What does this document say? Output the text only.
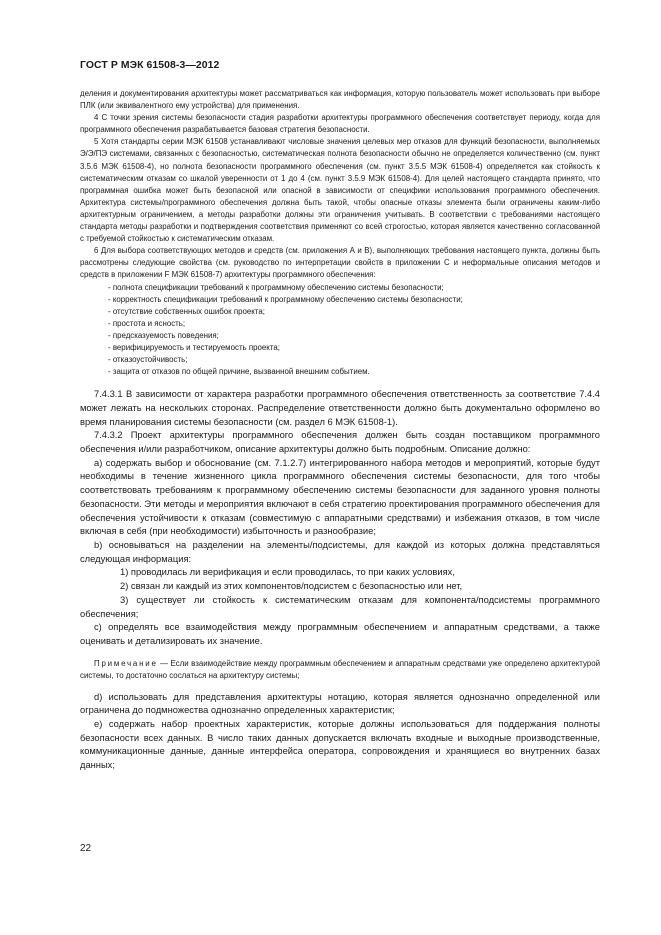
ГОСТ Р МЭК 61508-3—2012

деления и документирования архитектуры может рассматриваться как информация, которую пользователь может использовать при выборе ПЛК (или эквивалентного ему устройства) для применения.

4 С точки зрения системы безопасности стадия разработки архитектуры программного обеспечения соответствует периоду, когда для программного обеспечения разрабатывается базовая стратегия безопасности.

5 Хотя стандарты серии МЭК 61508 устанавливают числовые значения целевых мер отказов для функций безопасности, выполняемых Э/Э/ПЭ системами, связанных с безопасностью, систематическая полнота безопасности обычно не определяется количественно (см. пункт 3.5.6 МЭК 61508-4), но полнота безопасности программного обеспечения (см. пункт 3.5.5 МЭК 61508-4) определяется как стойкость к систематическим отказам со шкалой уверенности от 1 до 4 (см. пункт 3.5.9 МЭК 61508-4). Для целей настоящего стандарта принято, что программная ошибка может быть безопасной или опасной в зависимости от специфики использования программного обеспечения. Архитектура системы/программного обеспечения должна быть такой, чтобы опасные отказы элемента были ограничены каким-либо архитектурным ограничением, а методы разработки должны эти ограничения учитывать. В соответствии с требованиями настоящего стандарта методы разработки и подтверждения соответствия применяют со всей строгостью, которая является качественно согласованной с требуемой стойкостью к систематическим отказам.

6 Для выбора соответствующих методов и средств (см. приложения А и В), выполняющих требования настоящего пункта, должны быть рассмотрены следующие свойства (см. руководство по интерпретации свойств в приложении С и неформальные описания методов и средств в приложении F МЭК 61508-7) архитектуры программного обеспечения:

- полнота спецификации требований к программному обеспечению системы безопасности;

- корректность спецификации требований к программному обеспечению системы безопасности;

- отсутствие собственных ошибок проекта;

- простота и ясность;

- предсказуемость поведения;

- верифицируемость и тестируемость проекта;

- отказоустойчивость;

- защита от отказов по общей причине, вызванной внешним событием.

7.4.3.1 В зависимости от характера разработки программного обеспечения ответственность за соответствие 7.4.4 может лежать на нескольких сторонах. Распределение ответственности должно быть документально оформлено во время планирования системы безопасности (см. раздел 6 МЭК 61508-1).

7.4.3.2 Проект архитектуры программного обеспечения должен быть создан поставщиком программного обеспечения и/или разработчиком, описание архитектуры должно быть подробным. Описание должно:

а) содержать выбор и обоснование (см. 7.1.2.7) интегрированного набора методов и мероприятий, которые будут необходимы в течение жизненного цикла программного обеспечения системы безопасности, для того чтобы соответствовать требованиям к программному обеспечению системы безопасности для заданного уровня полноты безопасности. Эти методы и мероприятия включают в себя стратегию проектирования программного обеспечения для обеспечения устойчивости к отказам (совместимую с аппаратными средствами) и избежания отказов, в том числе включая в себя (при необходимости) избыточность и разнообразие;

b) основываться на разделении на элементы/подсистемы, для каждой из которых должна представляться следующая информация:

1) проводилась ли верификация и если проводилась, то при каких условиях,

2) связан ли каждый из этих компонентов/подсистем с безопасностью или нет,

3) существует ли стойкость к систематическим отказам для компонента/подсистемы программного обеспечения;

c) определять все взаимодействия между программным обеспечением и аппаратным средствами, а также оценивать и детализировать их значение.

Примечание — Если взаимодействие между программным обеспечением и аппаратным средствами уже определено архитектурой системы, то достаточно сослаться на архитектуру системы;

d) использовать для представления архитектуры нотацию, которая является однозначно определенной или ограничена до подмножества однозначно определенных характеристик;

e) содержать набор проектных характеристик, которые должны использоваться для поддержания полноты безопасности всех данных. В число таких данных допускается включать входные и выходные производственные, коммуникационные данные, данные интерфейса оператора, сопровождения и хранящиеся во внутренних базах данных;

22
